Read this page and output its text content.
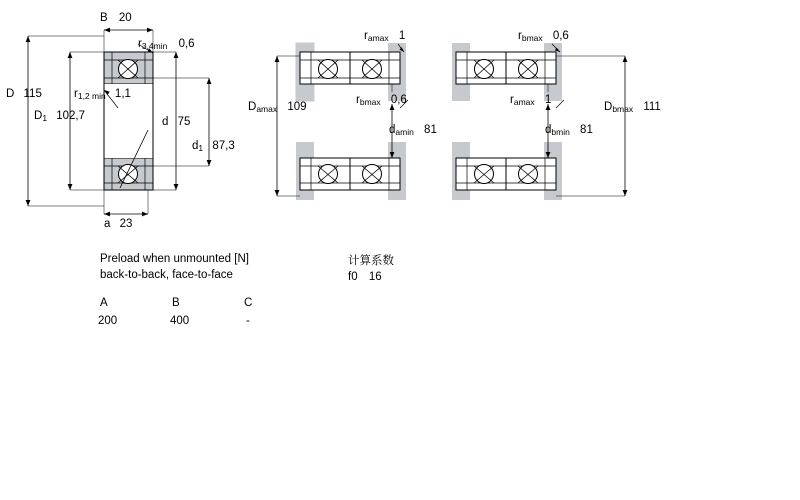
B 20
$r_{3,4min}$ 0,6
D 115
$D_1$ 102,7
$r_{1,2 min}$ 1,1
d 75
$d_1$ 87,3
a 23
$r_{amax}$ 1	$r_{bmax}$ 0,6
$D_{amax}$ 109
$r_{bmax}$ 0,6	$r_{amax}$ 1
$d_{amin}$ 81	$d_{bmin}$ 81
$D_{bmax}$ 111
Preload when unmounted [N]
back-to-back, face-to-face
A	B	C
200	400	-
计算系数
f0 16
